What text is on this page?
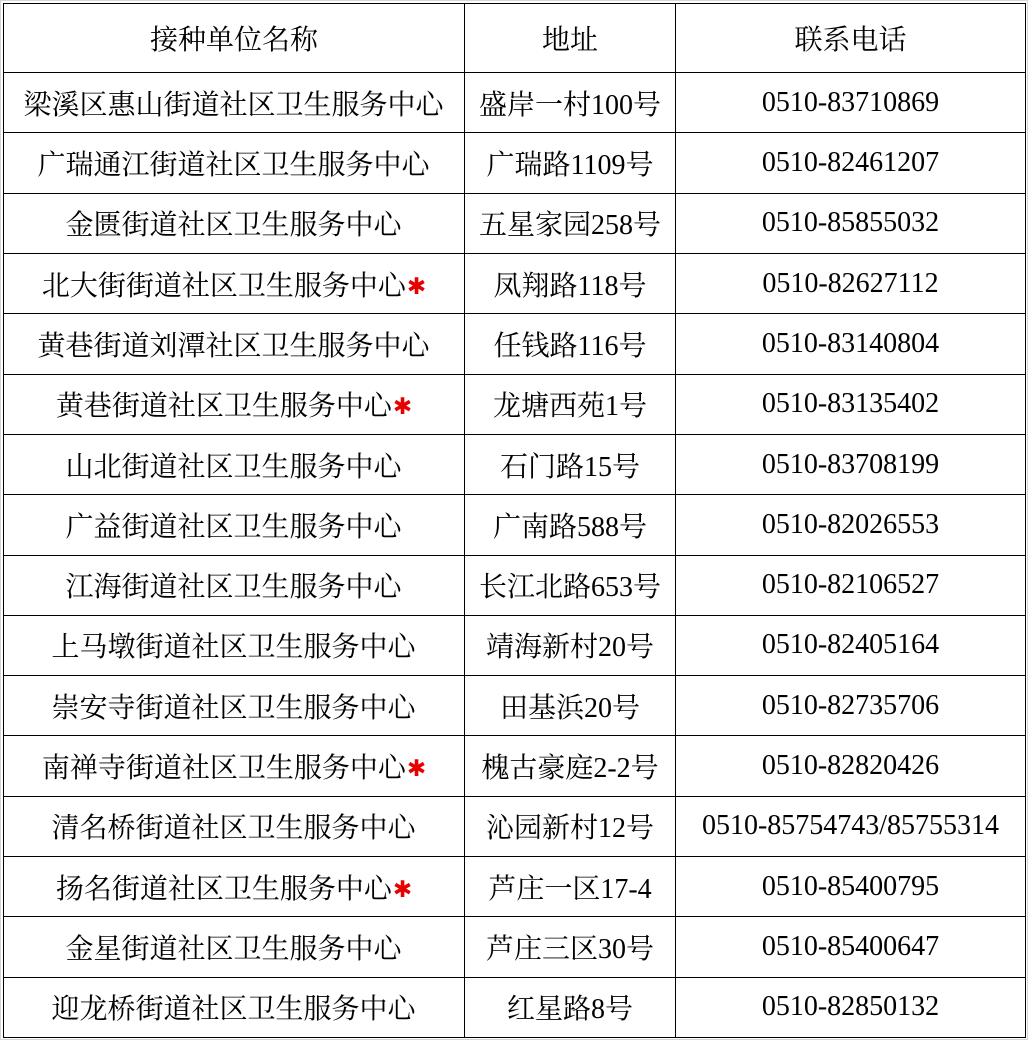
接种单位名称	地址	联系电话
梁溪区惠山街道社区卫生服务中心	盛岸一村100号	0510-83710869
广瑞通江街道社区卫生服务中心	广瑞路1109号	0510-82461207
金匮街道社区卫生服务中心	五星家园258号	0510-85855032
北大街街道社区卫生服务中心✱	凤翔路118号	0510-82627112
黄巷街道刘潭社区卫生服务中心	任钱路116号	0510-83140804
黄巷街道社区卫生服务中心✱	龙塘西苑1号	0510-83135402
山北街道社区卫生服务中心	石门路15号	0510-83708199
广益街道社区卫生服务中心	广南路588号	0510-82026553
江海街道社区卫生服务中心	长江北路653号	0510-82106527
上马墩街道社区卫生服务中心	靖海新村20号	0510-82405164
崇安寺街道社区卫生服务中心	田基浜20号	0510-82735706
南禅寺街道社区卫生服务中心✱	槐古豪庭2-2号	0510-82820426
清名桥街道社区卫生服务中心	沁园新村12号	0510-85754743/85755314
扬名街道社区卫生服务中心✱	芦庄一区17-4	0510-85400795
金星街道社区卫生服务中心	芦庄三区30号	0510-85400647
迎龙桥街道社区卫生服务中心	红星路8号	0510-82850132
